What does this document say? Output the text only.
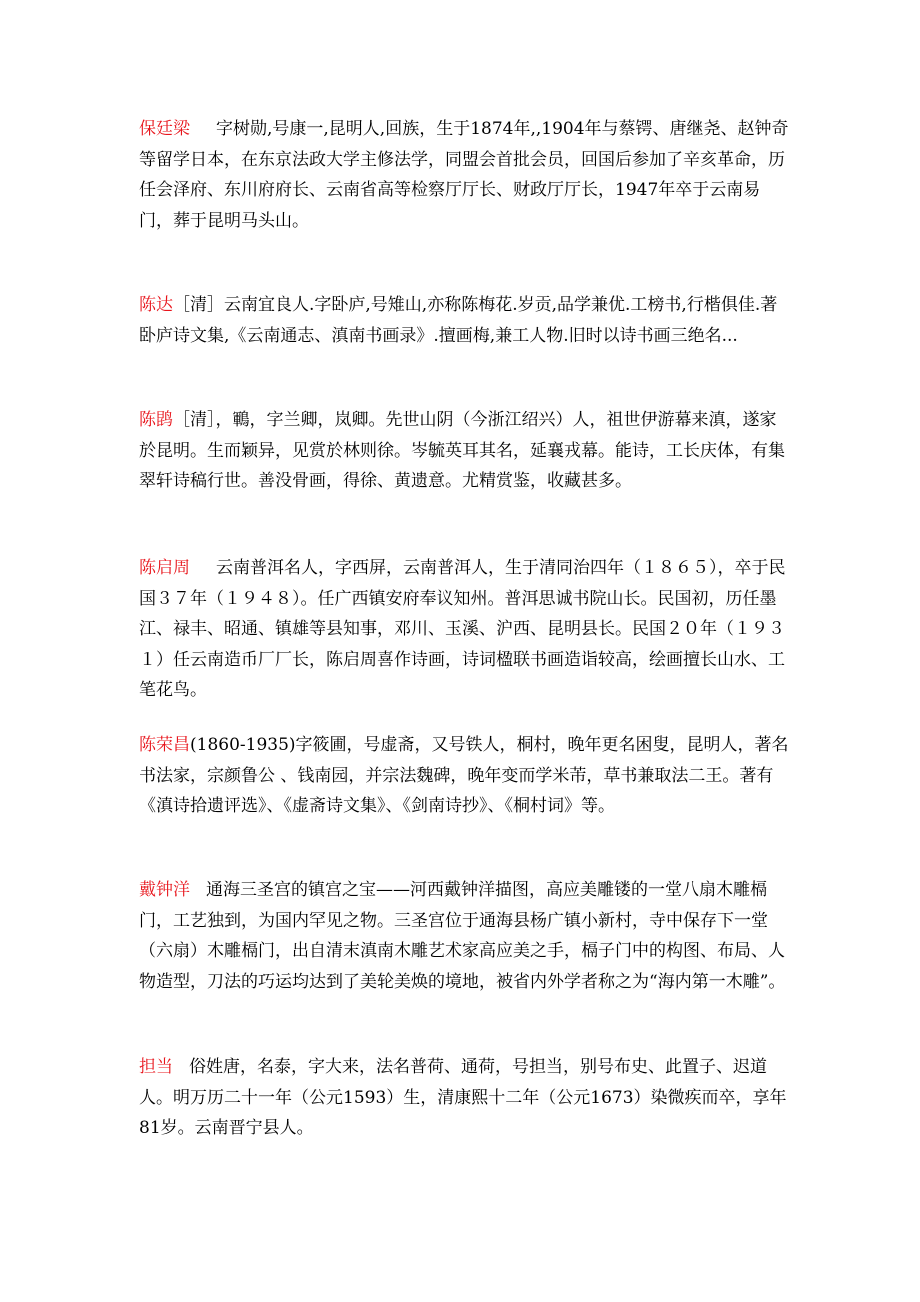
保廷梁 字树勋,号康一,昆明人,回族，生于1874年,,1904年与蔡锷、唐继尧、赵钟奇等留学日本，在东京法政大学主修法学，同盟会首批会员，回国后参加了辛亥革命，历任会泽府、东川府府长、云南省高等检察厅厅长、财政厅厅长，1947年卒于云南易门，葬于昆明马头山。

陈达［清］云南宜良人.字卧庐,号雉山,亦称陈梅花.岁贡,品学兼优.工榜书,行楷俱佳.著卧庐诗文集,《云南通志、滇南书画录》.擅画梅,兼工人物.旧时以诗书画三绝名...

陈鹍［清］，鶤，字兰卿，岚卿。先世山阴（今浙江绍兴）人，祖世伊游幕来滇，遂家於昆明。生而颖异，见赏於林则徐。岑毓英耳其名，延襄戎幕。能诗，工长庆体，有集翠轩诗稿行世。善没骨画，得徐、黄遗意。尤精赏鉴，收藏甚多。

陈启周 云南普洱名人，字西屏，云南普洱人，生于清同治四年（１８６５），卒于民国３７年（１９４８）。任广西镇安府奉议知州。普洱思诚书院山长。民国初，历任墨江、禄丰、昭通、镇雄等县知事，邓川、玉溪、沪西、昆明县长。民国２０年（１９３１）任云南造币厂厂长，陈启周喜作诗画，诗词楹联书画造诣较高，绘画擅长山水、工笔花鸟。

陈荣昌(1860-1935)字筱圃，号虚斋，又号铁人，桐村，晚年更名困叟，昆明人，著名书法家，宗颜鲁公 、钱南园，并宗法魏碑，晚年变而学米芾，草书兼取法二王。著有《滇诗拾遗评选》、《虚斋诗文集》、《剑南诗抄》、《桐村词》等。

戴钟洋 通海三圣宫的镇宫之宝——河西戴钟洋描图，高应美雕镂的一堂八扇木雕槅门，工艺独到，为国内罕见之物。三圣宫位于通海县杨广镇小新村，寺中保存下一堂（六扇）木雕槅门，出自清末滇南木雕艺术家高应美之手，槅子门中的构图、布局、人物造型，刀法的巧运均达到了美轮美焕的境地，被省内外学者称之为“海内第一木雕”。

担当 俗姓唐，名泰，字大来，法名普荷、通荷，号担当，别号布史、此置子、迟道人。明万历二十一年（公元1593）生，清康熙十二年（公元1673）染微疾而卒，享年81岁。云南晋宁县人。
